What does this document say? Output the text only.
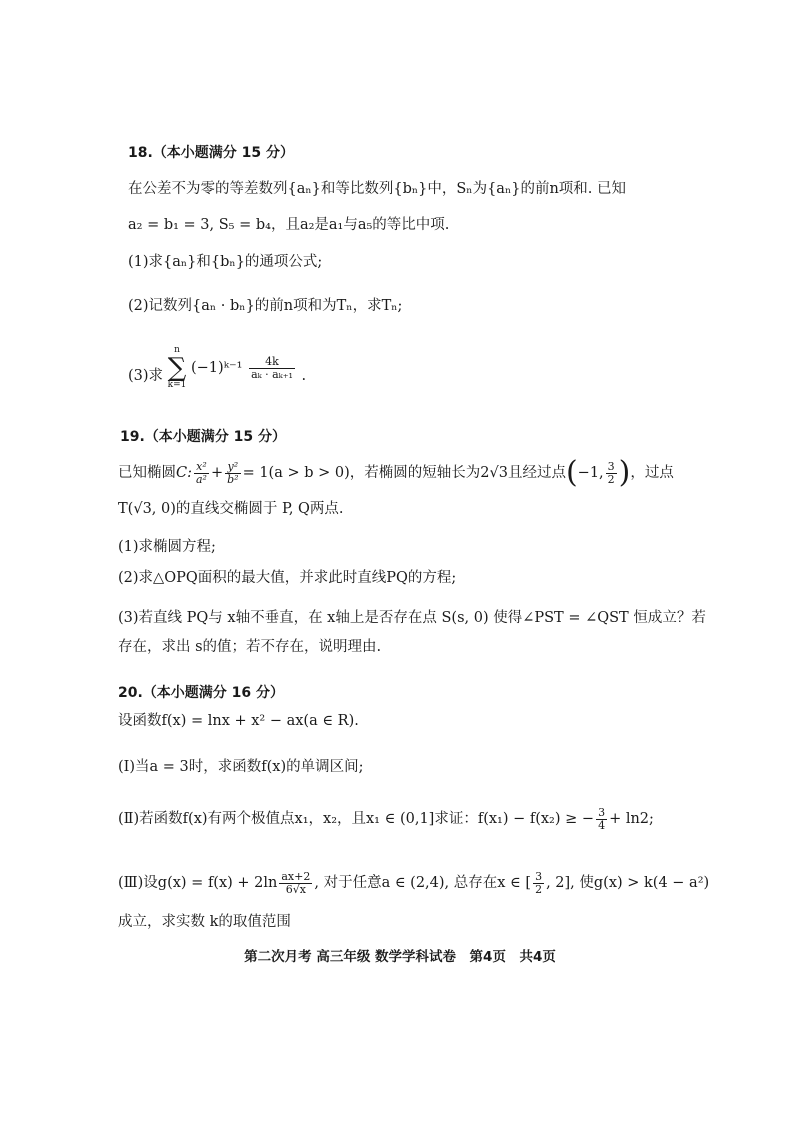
18.（本小题满分 15 分）
在公差不为零的等差数列{aₙ}和等比数列{bₙ}中，Sₙ为{aₙ}的前n项和. 已知
a₂ = b₁ = 3, S₅ = b₄，且a₂是a₁与a₅的等比中项.
(1)求{aₙ}和{bₙ}的通项公式;
(2)记数列{aₙ · bₙ}的前n项和为Tₙ，求Tₙ;
(3)求
n
∑
k=1
(−1)ᵏ⁻¹ $\frac{4k}{\text{aₖ · aₖ₊₁}}$ .
19.（本小题满分 15 分）
已知椭圆C: $\frac{\text{x²}}{\text{a²}} + \frac{\text{y²}}{\text{b²}} = 1(a > b > 0)$，若椭圆的短轴长为2√3且经过点(−1, $\frac{3}{2}$ )，过点
T(√3, 0)的直线交椭圆于 P, Q两点.
(1)求椭圆方程;
(2)求△OPQ面积的最大值，并求此时直线PQ的方程;
(3)若直线 PQ与 x轴不垂直，在 x轴上是否存在点 S(s, 0) 使得∠PST = ∠QST 恒成立？若
存在，求出 s的值；若不存在，说明理由.
20.（本小题满分 16 分）
设函数f(x) = lnx + x² − ax(a ∈ R).
(Ⅰ)当a = 3时，求函数f(x)的单调区间;
(Ⅱ)若函数f(x)有两个极值点x₁，x₂，且x₁ ∈ (0,1]求证：f(x₁) − f(x₂) ≥ − $\frac{3}{4} + \ln 2$;
(Ⅲ)设$g(x) = f(x) + 2\ln \frac{ax+2}{6√x}$ , 对于任意a ∈ (2,4), 总存在x ∈ [ $\frac{3}{2}$ , 2], 使g(x) > k(4 − a²)
成立，求实数 k的取值范围
第二次月考 高三年级 数学学科试卷　第4页　共4页
